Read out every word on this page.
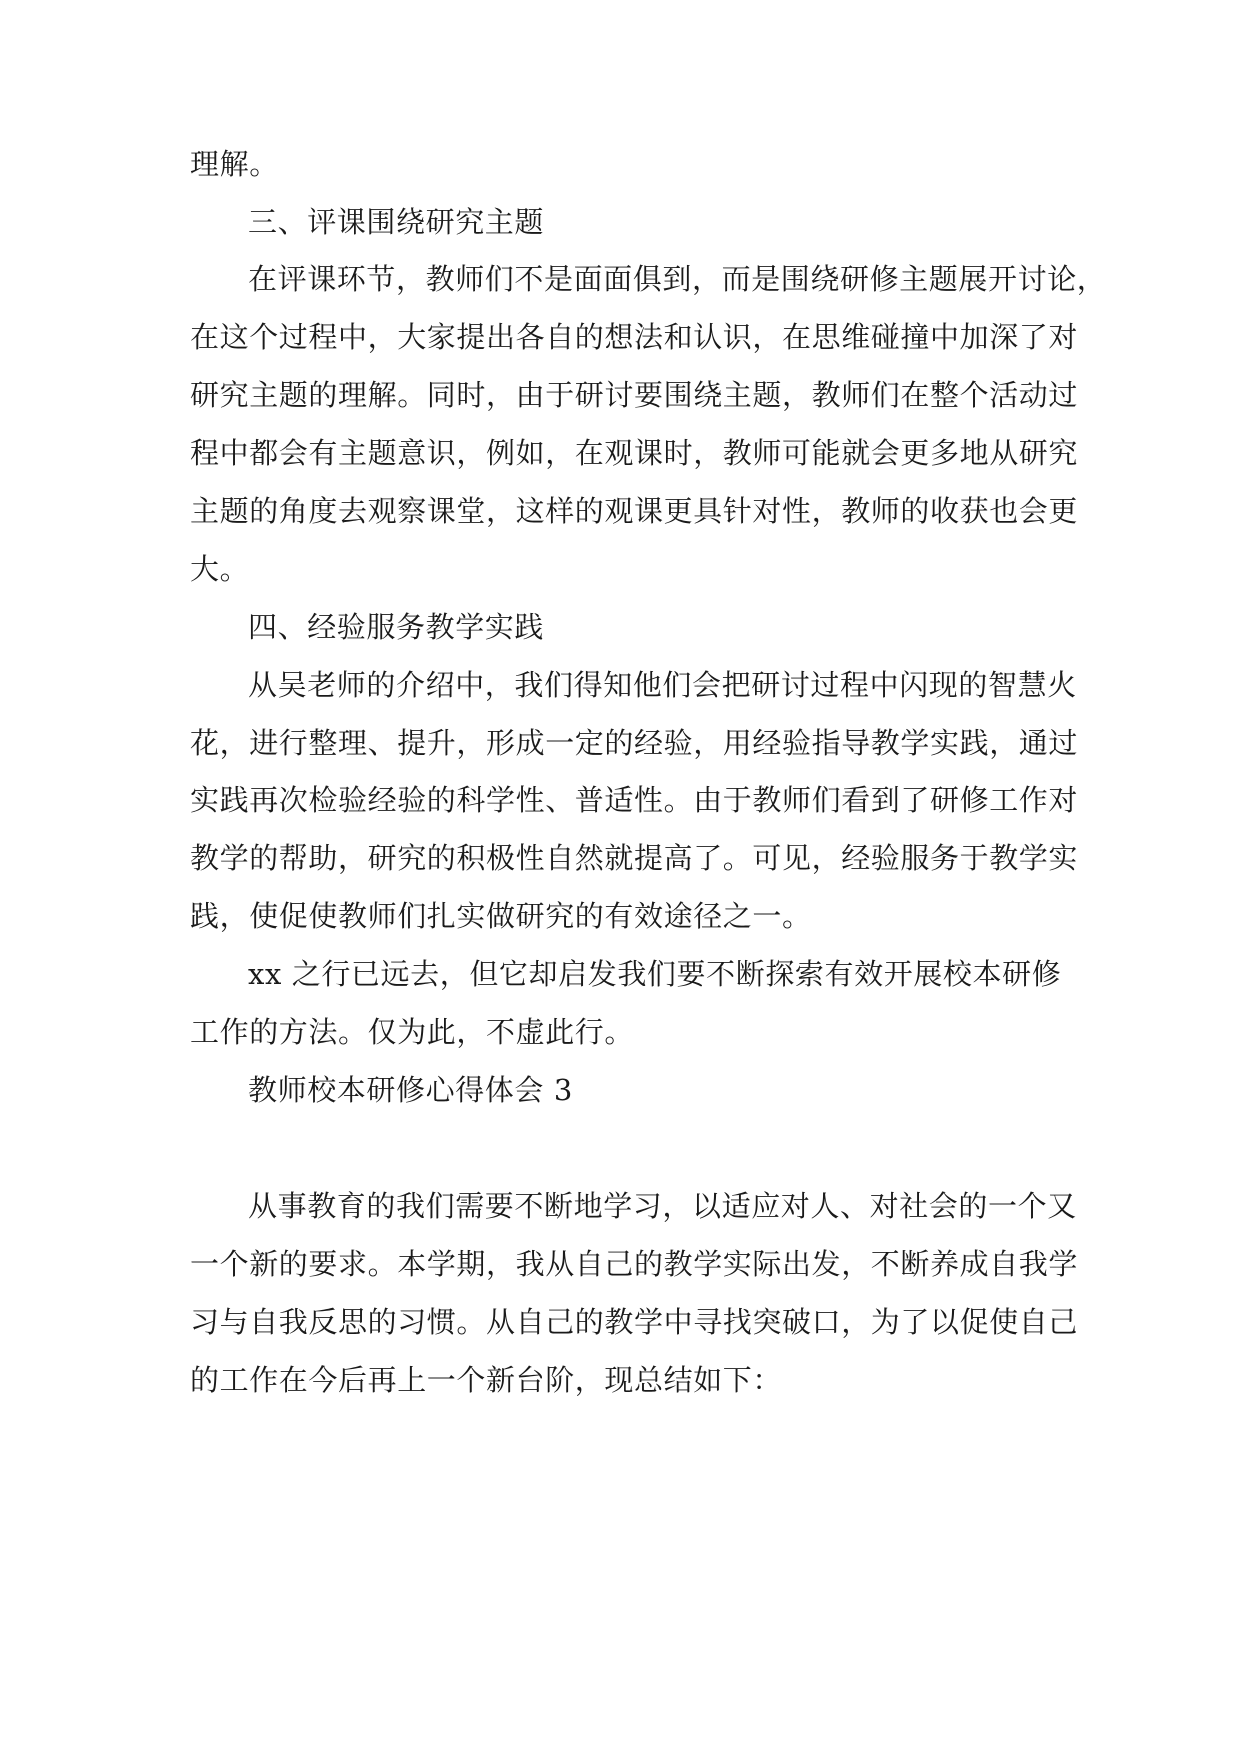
理解。
三、评课围绕研究主题
在评课环节，教师们不是面面俱到，而是围绕研修主题展开讨论，
在这个过程中，大家提出各自的想法和认识，在思维碰撞中加深了对
研究主题的理解。同时，由于研讨要围绕主题，教师们在整个活动过
程中都会有主题意识，例如，在观课时，教师可能就会更多地从研究
主题的角度去观察课堂，这样的观课更具针对性，教师的收获也会更
大。
四、经验服务教学实践
从吴老师的介绍中，我们得知他们会把研讨过程中闪现的智慧火
花，进行整理、提升，形成一定的经验，用经验指导教学实践，通过
实践再次检验经验的科学性、普适性。由于教师们看到了研修工作对
教学的帮助，研究的积极性自然就提高了。可见，经验服务于教学实
践，使促使教师们扎实做研究的有效途径之一。
xx 之行已远去，但它却启发我们要不断探索有效开展校本研修
工作的方法。仅为此，不虚此行。
教师校本研修心得体会 3
从事教育的我们需要不断地学习，以适应对人、对社会的一个又
一个新的要求。本学期，我从自己的教学实际出发，不断养成自我学
习与自我反思的习惯。从自己的教学中寻找突破口，为了以促使自己
的工作在今后再上一个新台阶，现总结如下：
